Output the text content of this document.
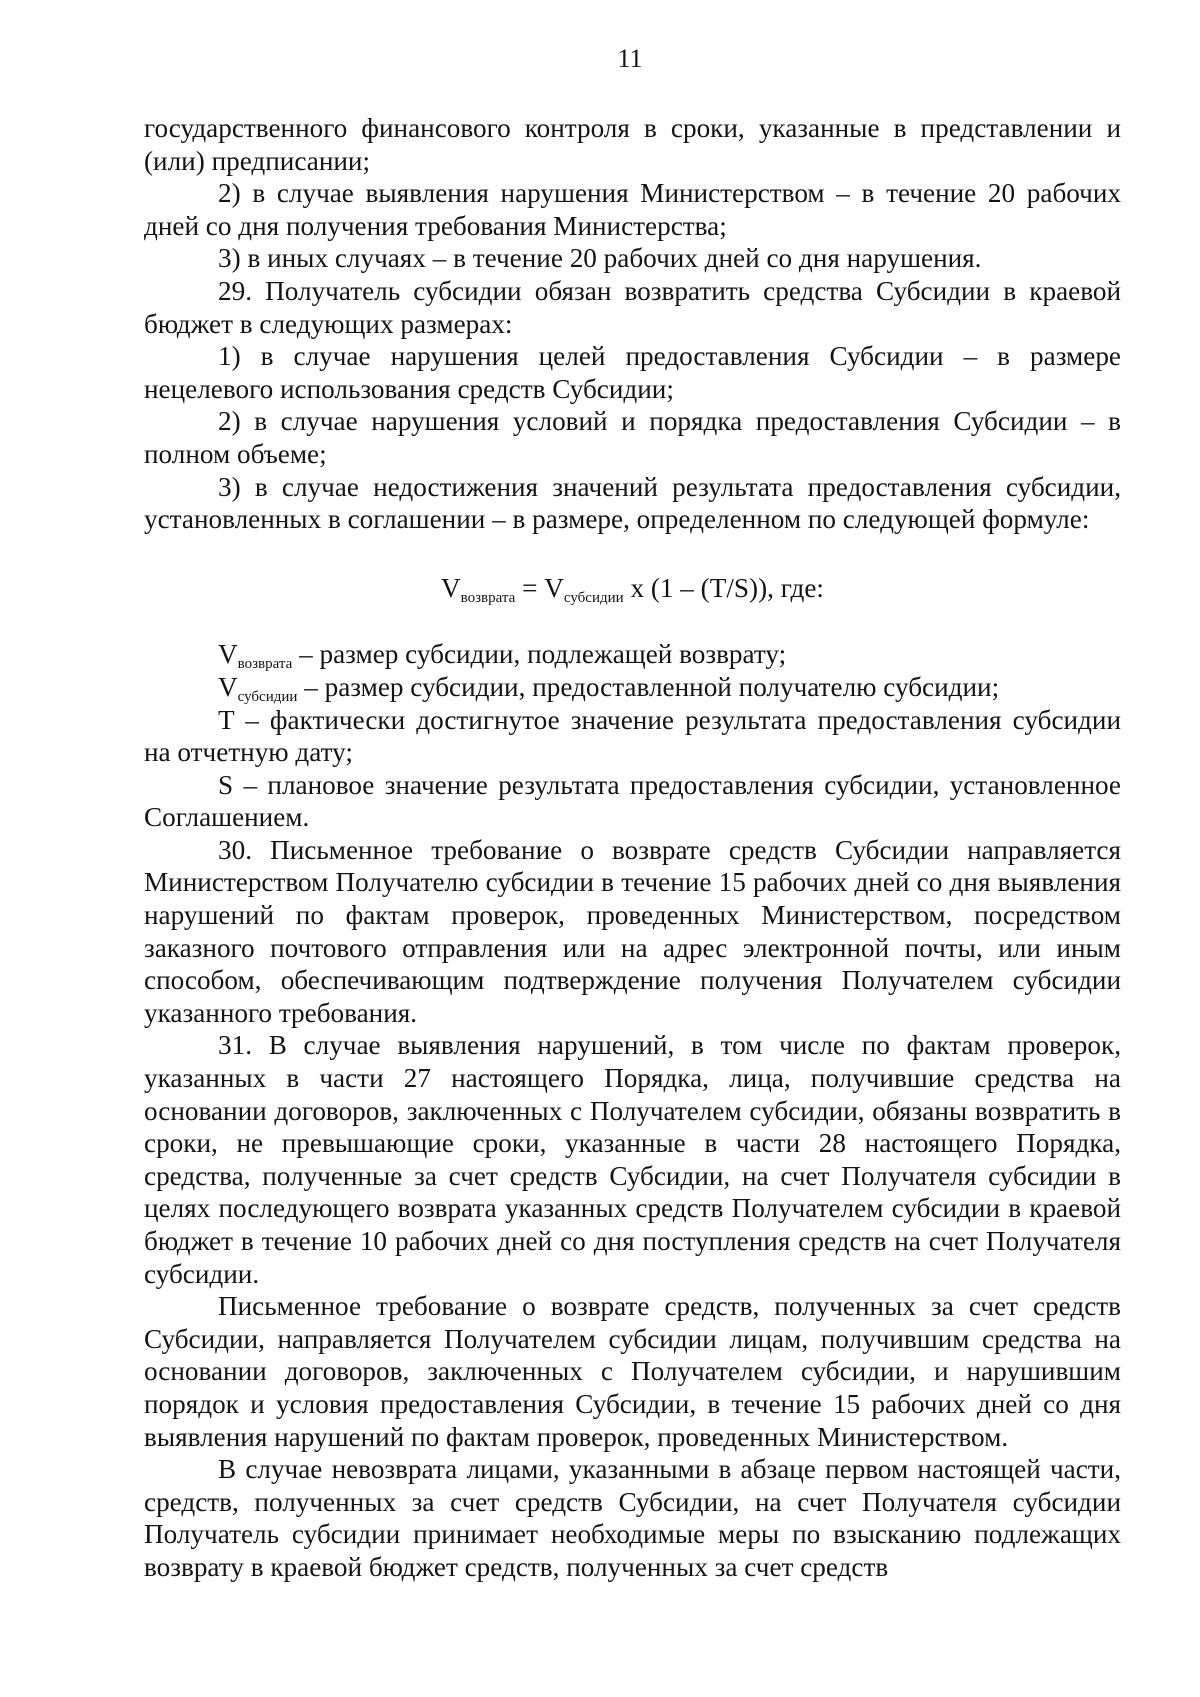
11

государственного финансового контроля в сроки, указанные в представлении и (или) предписании;

2) в случае выявления нарушения Министерством – в течение 20 рабочих дней со дня получения требования Министерства;

3) в иных случаях – в течение 20 рабочих дней со дня нарушения.

29. Получатель субсидии обязан возвратить средства Субсидии в краевой бюджет в следующих размерах:

1) в случае нарушения целей предоставления Субсидии – в размере нецелевого использования средств Субсидии;

2) в случае нарушения условий и порядка предоставления Субсидии – в полном объеме;

3) в случае недостижения значений результата предоставления субсидии, установленных в соглашении – в размере, определенном по следующей формуле:

$V_{возврата} = V_{субсидии}$ x (1 – (T/S)), где:

$V_{возврата}$ – размер субсидии, подлежащей возврату;

$V_{субсидии}$ – размер субсидии, предоставленной получателю субсидии;

T – фактически достигнутое значение результата предоставления субсидии на отчетную дату;

S – плановое значение результата предоставления субсидии, установленное Соглашением.

30. Письменное требование о возврате средств Субсидии направляется Министерством Получателю субсидии в течение 15 рабочих дней со дня выявления нарушений по фактам проверок, проведенных Министерством, посредством заказного почтового отправления или на адрес электронной почты, или иным способом, обеспечивающим подтверждение получения Получателем субсидии указанного требования.

31. В случае выявления нарушений, в том числе по фактам проверок, указанных в части 27 настоящего Порядка, лица, получившие средства на основании договоров, заключенных с Получателем субсидии, обязаны возвратить в сроки, не превышающие сроки, указанные в части 28 настоящего Порядка, средства, полученные за счет средств Субсидии, на счет Получателя субсидии в целях последующего возврата указанных средств Получателем субсидии в краевой бюджет в течение 10 рабочих дней со дня поступления средств на счет Получателя субсидии.

Письменное требование о возврате средств, полученных за счет средств Субсидии, направляется Получателем субсидии лицам, получившим средства на основании договоров, заключенных с Получателем субсидии, и нарушившим порядок и условия предоставления Субсидии, в течение 15 рабочих дней со дня выявления нарушений по фактам проверок, проведенных Министерством.

В случае невозврата лицами, указанными в абзаце первом настоящей части, средств, полученных за счет средств Субсидии, на счет Получателя субсидии Получатель субсидии принимает необходимые меры по взысканию подлежащих возврату в краевой бюджет средств, полученных за счет средств
